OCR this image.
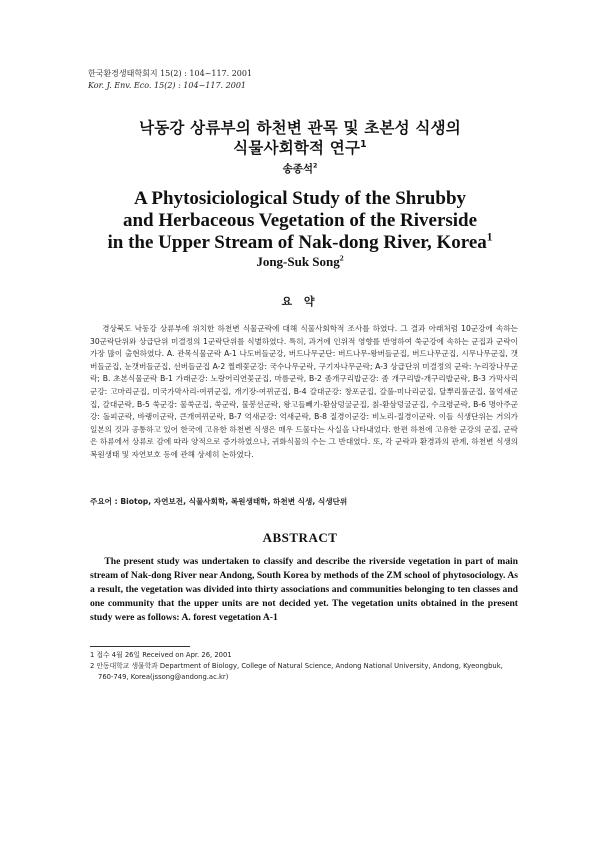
한국환경생태학회지 15(2) : 104~117. 2001
Kor. J. Env. Eco. 15(2) : 104~117. 2001
낙동강 상류부의 하천변 관목 및 초본성 식생의
식물사회학적 연구$^1$
송종석$^2$
A Phytosiciological Study of the Shrubby
and Herbaceous Vegetation of the Riverside
in the Upper Stream of Nak-dong River, Korea$^1$
Jong-Suk Song$^2$
요 약
경상북도 낙동강 상류부에 위치한 하천변 식물군락에 대해 식물사회학적 조사를 하였다. 그 결과 아래처럼 10군강에 속하는 30군락단위와 상급단위 미결정의 1군락단위를 식별하였다. 특히, 과거에 인위적 영향를 반영하여 쑥군강에 속하는 군집과 군락이 가장 많이 출현하였다. A. 관목식물군락 A-1 나도버들군강, 버드나무군단: 버드나무-왕버들군집, 버드나무군집, 시무나무군집, 갯버들군집, 눈갯버들군집, 선버들군집 A-2 찔레꽃군강: 국수나무군락, 구기자나무군락; A-3 상급단위 미결정의 군락: 누리장나무군락; B. 초본식물군락 B-1 가래군강: 노랑어리연꽃군집, 마름군락, B-2 좀개구리밥군강: 좀 개구리밥-개구리밥군락, B-3 가막사리군강: 고마리군집, 미국가막사리-여뀌군집, 개기장-여뀌군집, B-4 갈대군강: 창포군집, 갈풀-미나리군집, 달뿌리풀군집, 물억새군집, 갈대군락, B-5 쑥군강: 물쑥군집, 쑥군락, 물봉선군락, 왕고들빼기-환삼덩굴군집, 칡-환삼덩굴군집, 수크령군락, B-6 명아주군강: 돌피군락, 바랭이군락, 큰개여뀌군락, B-7 억새군강: 억새군락, B-8 질경이군강: 비노리-질경이군락. 이들 식생단위는 거의가 일본의 것과 공통하고 있어 한국에 고유한 하천변 식생은 매우 드물다는 사실을 나타내었다. 한편 하천에 고유한 군강의 군집, 군락은 하류에서 상류로 감에 따라 양적으로 증가하였으나, 귀화식물의 수는 그 반대였다. 또, 각 군락과 환경과의 관계, 하천변 식생의 복원생태 및 자연보호 등에 관해 상세히 논하였다.
주요어 : Biotop, 자연보전, 식물사회학, 복원생태학, 하천변 식생, 식생단위
ABSTRACT
The present study was undertaken to classify and describe the riverside vegetation in part of main stream of Nak-dong River near Andong, South Korea by methods of the ZM school of phytosociology. As a result, the vegetation was divided into thirty associations and communities belonging to ten classes and one community that the upper units are not decided yet. The vegetation units obtained in the present study were as follows: A. forest vegetation A-1
1 접수 4월 26일 Received on Apr. 26, 2001
2 안동대학교 생물학과 Department of Biology, College of Natural Science, Andong National University, Andong, Kyeongbuk, 760-749, Korea(jssong@andong.ac.kr)
